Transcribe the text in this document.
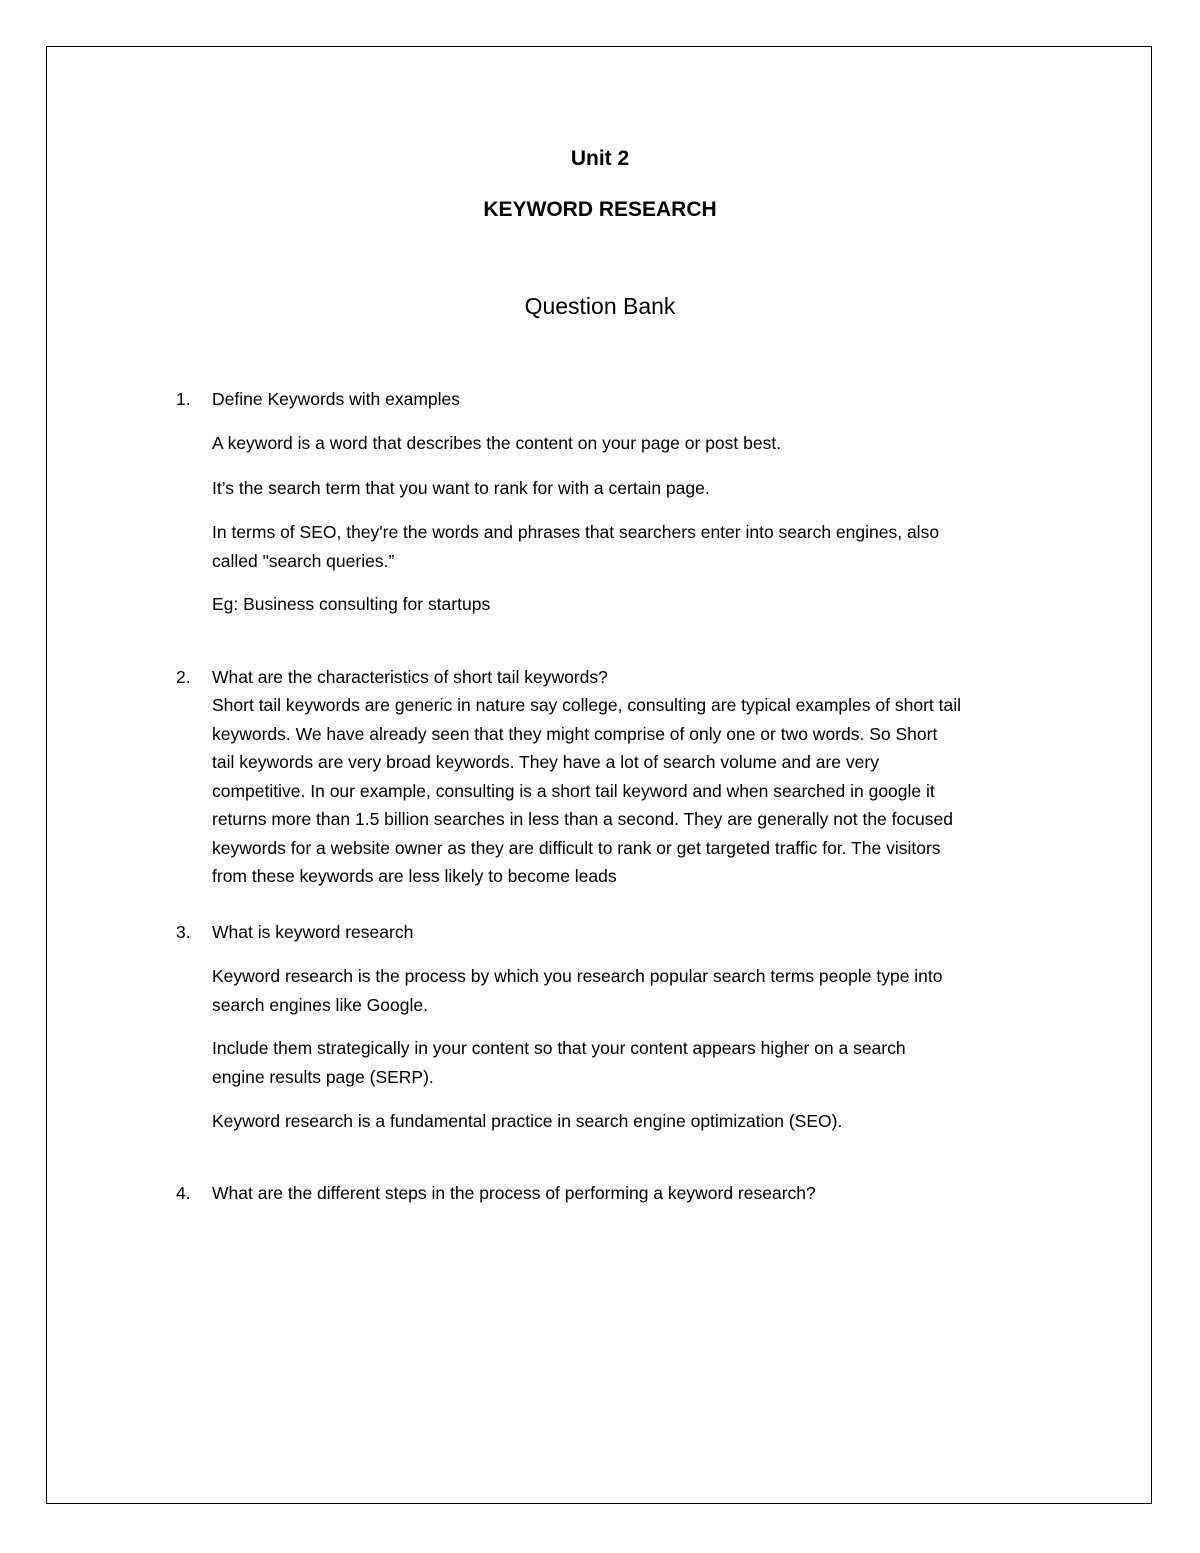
Unit 2
KEYWORD RESEARCH
Question Bank
1. Define Keywords with examples
A keyword is a word that describes the content on your page or post best.
It’s the search term that you want to rank for with a certain page.
In terms of SEO, they're the words and phrases that searchers enter into search engines, also
called "search queries.”
Eg: Business consulting for startups
2. What are the characteristics of short tail keywords?
Short tail keywords are generic in nature say college, consulting are typical examples of short tail
keywords. We have already seen that they might comprise of only one or two words. So Short
tail keywords are very broad keywords. They have a lot of search volume and are very
competitive. In our example, consulting is a short tail keyword and when searched in google it
returns more than 1.5 billion searches in less than a second. They are generally not the focused
keywords for a website owner as they are difficult to rank or get targeted traffic for. The visitors
from these keywords are less likely to become leads
3. What is keyword research
Keyword research is the process by which you research popular search terms people type into
search engines like Google.
Include them strategically in your content so that your content appears higher on a search
engine results page (SERP).
Keyword research is a fundamental practice in search engine optimization (SEO).
4. What are the different steps in the process of performing a keyword research?
